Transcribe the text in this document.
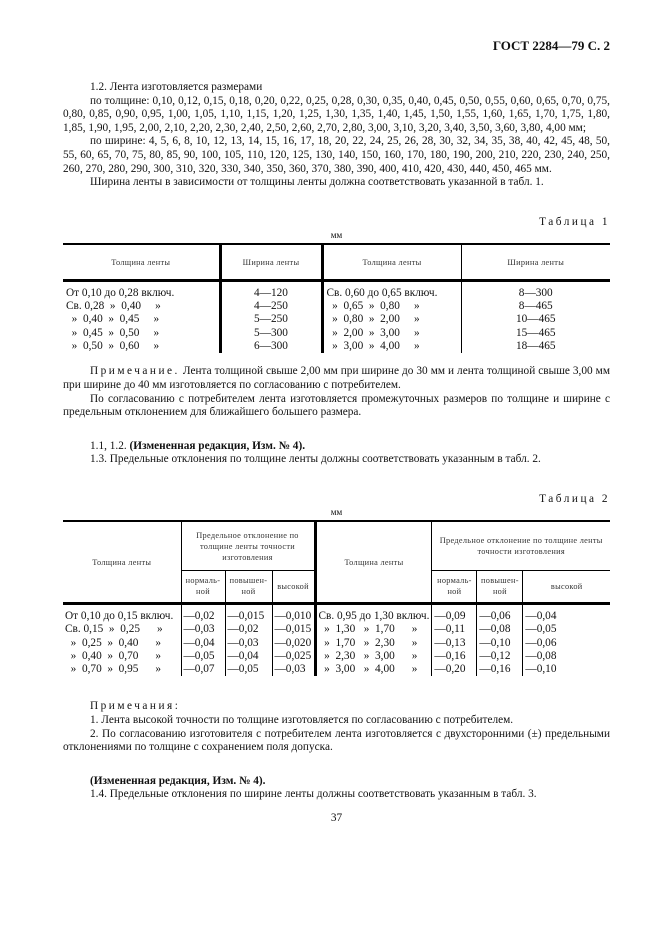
ГОСТ 2284—79 С. 2
1.2. Лента изготовляется размерами
по толщине: 0,10, 0,12, 0,15, 0,18, 0,20, 0,22, 0,25, 0,28, 0,30, 0,35, 0,40, 0,45, 0,50, 0,55, 0,60, 0,65, 0,70, 0,75, 0,80, 0,85, 0,90, 0,95, 1,00, 1,05, 1,10, 1,15, 1,20, 1,25, 1,30, 1,35, 1,40, 1,45, 1,50, 1,55, 1,60, 1,65, 1,70, 1,75, 1,80, 1,85, 1,90, 1,95, 2,00, 2,10, 2,20, 2,30, 2,40, 2,50, 2,60, 2,70, 2,80, 3,00, 3,10, 3,20, 3,40, 3,50, 3,60, 3,80, 4,00 мм;
по ширине: 4, 5, 6, 8, 10, 12, 13, 14, 15, 16, 17, 18, 20, 22, 24, 25, 26, 28, 30, 32, 34, 35, 38, 40, 42, 45, 48, 50, 55, 60, 65, 70, 75, 80, 85, 90, 100, 105, 110, 120, 125, 130, 140, 150, 160, 170, 180, 190, 200, 210, 220, 230, 240, 250, 260, 270, 280, 290, 300, 310, 320, 330, 340, 350, 360, 370, 380, 390, 400, 410, 420, 430, 440, 450, 465 мм.
Ширина ленты в зависимости от толщины ленты должна соответствовать указанной в табл. 1.
Таблица 1
мм
Толщина ленты	Ширина ленты	Толщина ленты	Ширина ленты
От 0,10 до 0,28 включ.	4—120	Св. 0,60 до 0,65 включ.	8—300
Св. 0,28  »  0,40     »	4—250	»  0,65  »  0,80     »	8—465
»  0,40  »  0,45     »	5—250	»  0,80  »  2,00     »	10—465
»  0,45  »  0,50     »	5—300	»  2,00  »  3,00     »	15—465
»  0,50  »  0,60     »	6—300	»  3,00  »  4,00     »	18—465
Примечание. Лента толщиной свыше 2,00 мм при ширине до 30 мм и лента толщиной свыше 3,00 мм при ширине до 40 мм изготовляется по согласованию с потребителем.
По согласованию с потребителем лента изготовляется промежуточных размеров по толщине и ширине с предельным отклонением для ближайшего большего размера.
1.1, 1.2. (Измененная редакция, Изм. № 4).
1.3. Предельные отклонения по толщине ленты должны соответствовать указанным в табл. 2.
Таблица 2
мм
Толщина ленты	Предельное отклонение по толщине ленты точности изготовления			Толщина ленты	Предельное отклонение по толщине ленты точности изготовления		
	нормаль-ной	повышен-ной	высокой		нормаль-ной	повышен-ной	высокой
От 0,10 до 0,15 включ.	—0,02	—0,015	—0,010	Св. 0,95 до 1,30 включ.	—0,09	—0,06	—0,04
Св. 0,15  »  0,25      »	—0,03	—0,02	—0,015	»  1,30   »  1,70      »	—0,11	—0,08	—0,05
»  0,25  »  0,40      »	—0,04	—0,03	—0,020	»  1,70   »  2,30      »	—0,13	—0,10	—0,06
»  0,40  »  0,70      »	—0,05	—0,04	—0,025	»  2,30   »  3,00      »	—0,16	—0,12	—0,08
»  0,70  »  0,95      »	—0,07	—0,05	—0,03	»  3,00   »  4,00      »	—0,20	—0,16	—0,10
Примечания:
1. Лента высокой точности по толщине изготовляется по согласованию с потребителем.
2. По согласованию изготовителя с потребителем лента изготовляется с двухсторонними (±) предельными отклонениями по толщине с сохранением поля допуска.
(Измененная редакция, Изм. № 4).
1.4. Предельные отклонения по ширине ленты должны соответствовать указанным в табл. 3.
37
